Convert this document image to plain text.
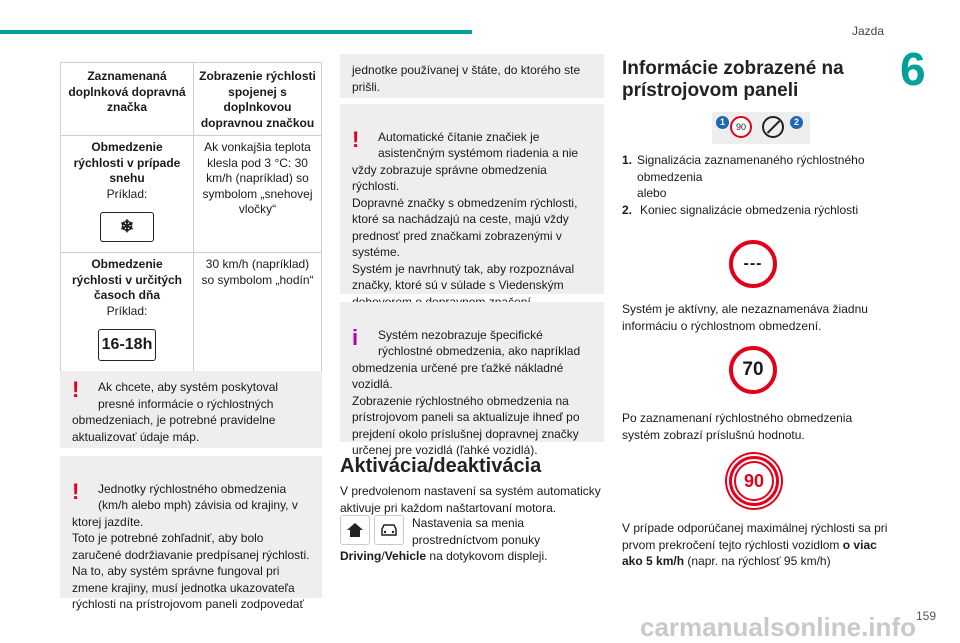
Jazda
6
Zaznamenaná doplnková dopravná značka	Zobrazenie rýchlosti spojenej s doplnkovou dopravnou značkou
Obmedzenie rýchlosti v prípade snehu
Príklad:
❄	Ak vonkajšia teplota klesla pod 3 °C: 30 km/h (napríklad) so symbolom „snehovej vločky“
Obmedzenie rýchlosti v určitých časoch dňa
Príklad:
16-18h	30 km/h (napríklad) so symbolom „hodín“
!	Ak chcete, aby systém poskytoval presné informácie o rýchlostných obmedzeniach, je potrebné pravidelne aktualizovať údaje máp.

!	Jednotky rýchlostného obmedzenia (km/h alebo mph) závisia od krajiny, v ktorej jazdíte.
Toto je potrebné zohľadniť, aby bolo zaručené dodržiavanie predpísanej rýchlosti.
Na to, aby systém správne fungoval pri zmene krajiny, musí jednotka ukazovateľa rýchlosti na prístrojovom paneli zodpovedať

jednotke používanej v štáte, do ktorého ste prišli.

!	Automatické čítanie značiek je asistenčným systémom riadenia a nie vždy zobrazuje správne obmedzenia rýchlosti.
Dopravné značky s obmedzením rýchlosti, ktoré sa nachádzajú na ceste, majú vždy prednosť pred značkami zobrazenými v systéme.
Systém je navrhnutý tak, aby rozpoznával značky, ktoré sú v súlade s Viedenským

i	Systém nezobrazuje špecifické rýchlostné obmedzenia, ako napríklad obmedzenia určené pre ťažké nákladné vozidlá.
Zobrazenie rýchlostného obmedzenia na prístrojovom paneli sa aktualizuje ihneď po prejdení okolo príslušnej dopravnej značky určenej pre vozidlá (ľahké vozidlá).

Aktivácia/deaktivácia
V predvolenom nastavení sa systém automaticky aktivuje pri každom naštartovaní motora.
Nastavenia sa menia prostredníctvom ponuky
Driving/Vehicle na dotykovom displeji.
Informácie zobrazené na prístrojovom paneli
1	90	2
1. Signalizácia zaznamenaného rýchlostného obmedzenia
alebo
2. Koniec signalizácie obmedzenia rýchlosti
---
Systém je aktívny, ale nezaznamenáva žiadnu informáciu o rýchlostnom obmedzení.
70
Po zaznamenaní rýchlostného obmedzenia systém zobrazí príslušnú hodnotu.
90
V prípade odporúčanej maximálnej rýchlosti sa pri prvom prekročení tejto rýchlosti vozidlom o viac ako 5 km/h (napr. na rýchlosť 95 km/h)
carmanualsonline.info 159
